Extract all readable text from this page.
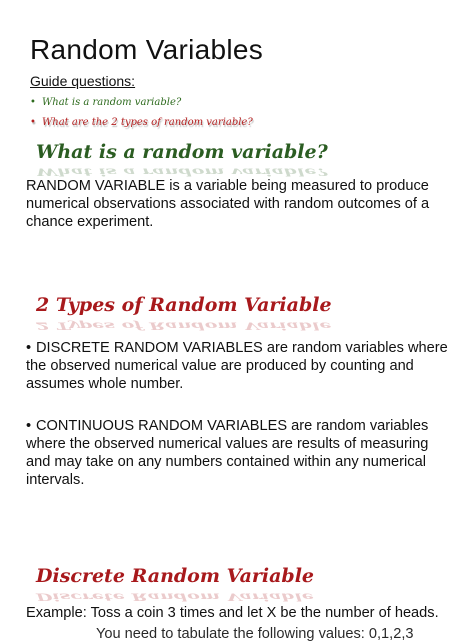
Random Variables
Guide questions:
• What is a random variable?
• What are the 2 types of random variable?
What is a random variable?
What is a random variable?
RANDOM VARIABLE is a variable being measured to produce numerical observations associated with random outcomes of a chance experiment.
2 Types of Random Variable
2 Types of Random Variable
• DISCRETE RANDOM VARIABLES are random variables where the observed numerical value are produced by counting and assumes whole number.
• CONTINUOUS RANDOM VARIABLES are random variables where the observed numerical values are results of measuring and may take on any numbers contained within any numerical intervals.
Discrete Random Variable
Discrete Random Variable
Example: Toss a coin 3 times and let X be the number of heads.
You need to tabulate the following values: 0,1,2,3
